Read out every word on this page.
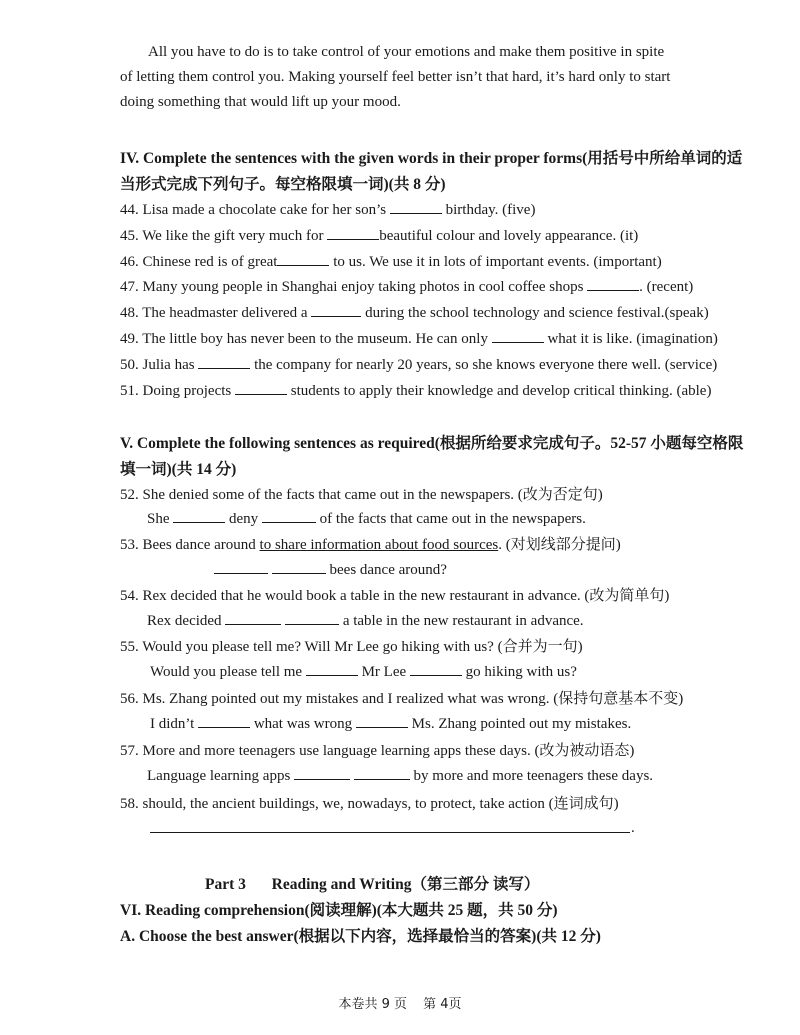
All you have to do is to take control of your emotions and make them positive in spite of letting them control you. Making yourself feel better isn’t that hard, it’s hard only to start doing something that would lift up your mood.
IV. Complete the sentences with the given words in their proper forms(用括号中所给单词的适
当形式完成下列句子。每空格限填一词)(共 8 分)
44. Lisa made a chocolate cake for her son’s	birthday. (five)
45. We like the gift very much for	beautiful colour and lovely appearance. (it)
46. Chinese red is of great	to us. We use it in lots of important events. (important)
47. Many young people in Shanghai enjoy taking photos in cool coffee shops	. (recent)
48. The headmaster delivered a	during the school technology and science festival.(speak)
49. The little boy has never been to the museum. He can only	what it is like. (imagination)
50. Julia has	the company for nearly 20 years, so she knows everyone there well. (service)
51. Doing projects	students to apply their knowledge and develop critical thinking. (able)
V. Complete the following sentences as required(根据所给要求完成句子。52-57 小题每空格限
填一词)(共 14 分)
52. She denied some of the facts that came out in the newspapers. (改为否定句)
She	deny	of the facts that came out in the newspapers.
53. Bees dance around to share information about food sources. (对划线部分提问)
bees dance around?
54. Rex decided that he would book a table in the new restaurant in advance. (改为简单句)
Rex decided	a table in the new restaurant in advance.
55. Would you please tell me? Will Mr Lee go hiking with us? (合并为一句)
Would you please tell me	Mr Lee	go hiking with us?
56. Ms. Zhang pointed out my mistakes and I realized what was wrong. (保持句意基本不变)
I didn’t	what was wrong	Ms. Zhang pointed out my mistakes.
57. More and more teenagers use language learning apps these days. (改为被动语态)
Language learning apps	by more and more teenagers these days.
58. should, the ancient buildings, we, nowadays, to protect, take action (连词成句)
.
Part 3 Reading and Writing（第三部分 读写）
VI. Reading comprehension(阅读理解)(本大题共 25 题，共 50 分)
A. Choose the best answer(根据以下内容，选择最恰当的答案)(共 12 分)
本卷共 9 页 第 4页
